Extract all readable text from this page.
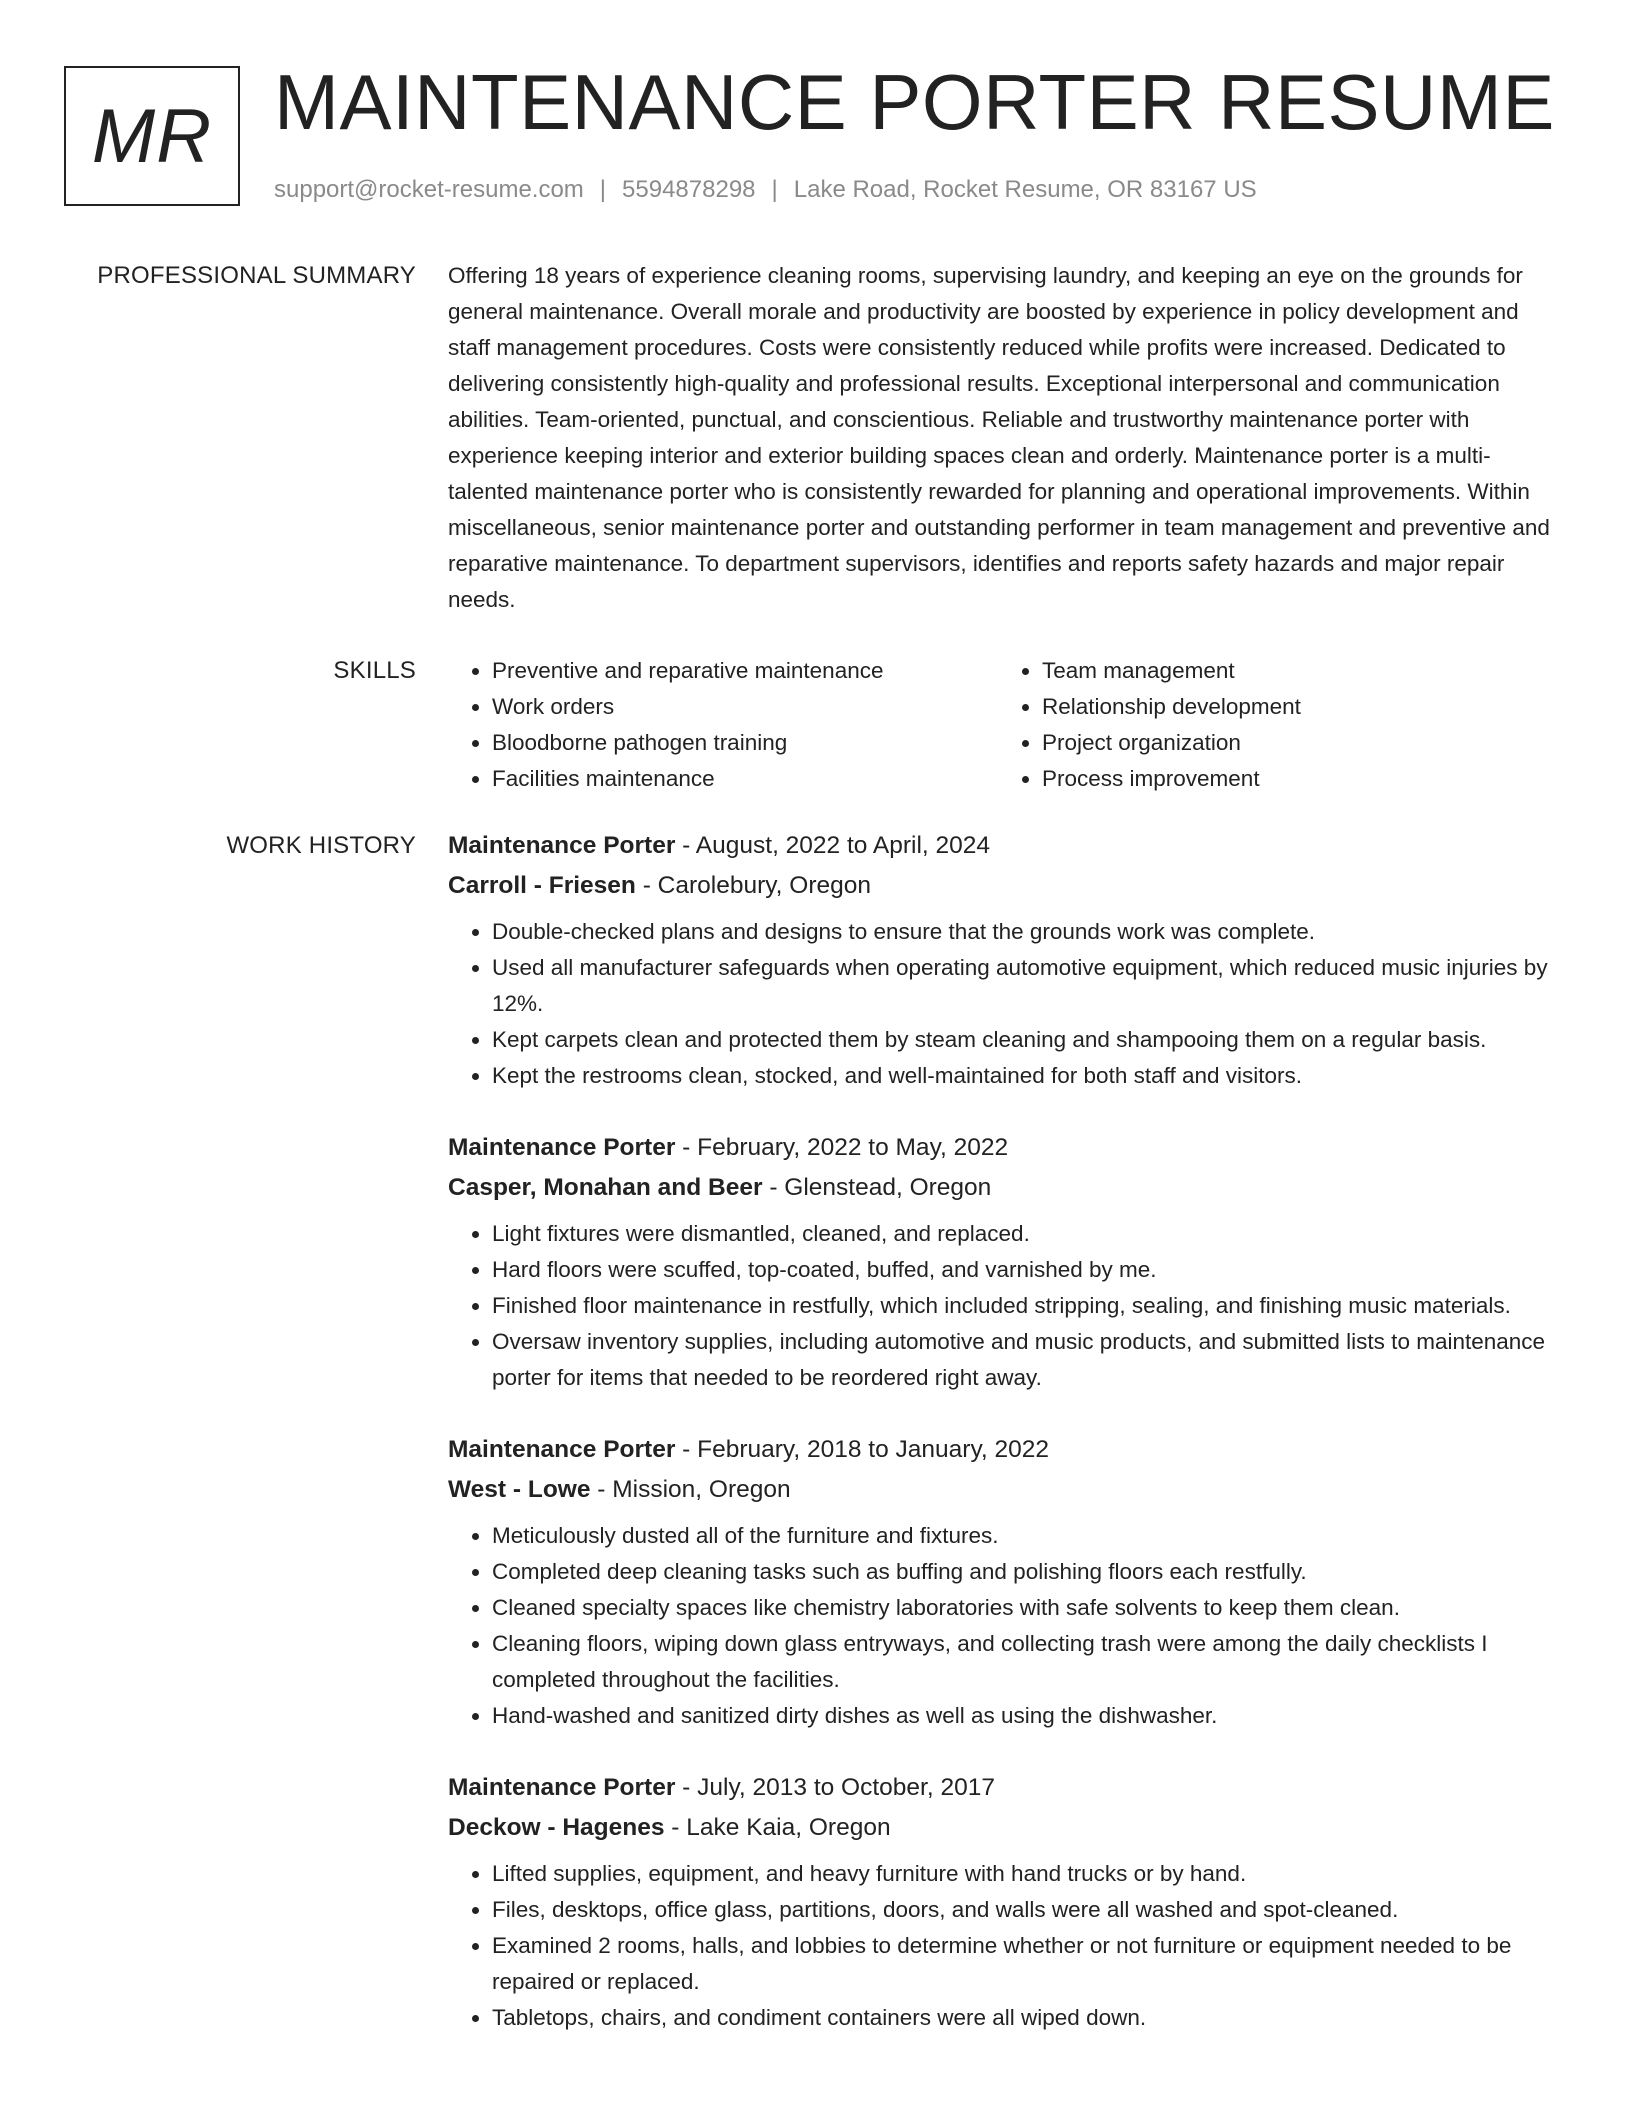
MR MAINTENANCE PORTER RESUME
support@rocket-resume.com | 5594878298 | Lake Road, Rocket Resume, OR 83167 US
PROFESSIONAL SUMMARY Offering 18 years of experience cleaning rooms, supervising laundry, and keeping an eye on the grounds for general maintenance. Overall morale and productivity are boosted by experience in policy development and staff management procedures. Costs were consistently reduced while profits were increased. Dedicated to delivering consistently high-quality and professional results. Exceptional interpersonal and communication abilities. Team-oriented, punctual, and conscientious. Reliable and trustworthy maintenance porter with experience keeping interior and exterior building spaces clean and orderly. Maintenance porter is a multi-talented maintenance porter who is consistently rewarded for planning and operational improvements. Within miscellaneous, senior maintenance porter and outstanding performer in team management and preventive and reparative maintenance. To department supervisors, identifies and reports safety hazards and major repair needs.

SKILLS
•	Preventive and reparative maintenance
• Work orders
• Bloodborne pathogen training
• Facilities maintenance
• Team management
• Relationship development
• Project organization
• Process improvement
WORK HISTORY Maintenance Porter - August, 2022 to April, 2024
Carroll - Friesen - Carolebury, Oregon
• Double-checked plans and designs to ensure that the grounds work was complete.
• Used all manufacturer safeguards when operating automotive equipment, which reduced music injuries by 12%.
• Kept carpets clean and protected them by steam cleaning and shampooing them on a regular basis.
• Kept the restrooms clean, stocked, and well-maintained for both staff and visitors.
Maintenance Porter - February, 2022 to May, 2022
Casper, Monahan and Beer - Glenstead, Oregon
• Light fixtures were dismantled, cleaned, and replaced.
• Hard floors were scuffed, top-coated, buffed, and varnished by me.
• Finished floor maintenance in restfully, which included stripping, sealing, and finishing music materials.
• Oversaw inventory supplies, including automotive and music products, and submitted lists to maintenance porter for items that needed to be reordered right away.
Maintenance Porter - February, 2018 to January, 2022
West - Lowe - Mission, Oregon
• Meticulously dusted all of the furniture and fixtures.
• Completed deep cleaning tasks such as buffing and polishing floors each restfully.
• Cleaned specialty spaces like chemistry laboratories with safe solvents to keep them clean.
• Cleaning floors, wiping down glass entryways, and collecting trash were among the daily checklists I completed throughout the facilities.
• Hand-washed and sanitized dirty dishes as well as using the dishwasher.
Maintenance Porter - July, 2013 to October, 2017
Deckow - Hagenes - Lake Kaia, Oregon
• Lifted supplies, equipment, and heavy furniture with hand trucks or by hand.
• Files, desktops, office glass, partitions, doors, and walls were all washed and spot-cleaned.
• Examined 2 rooms, halls, and lobbies to determine whether or not furniture or equipment needed to be repaired or replaced.
• Tabletops, chairs, and condiment containers were all wiped down.
